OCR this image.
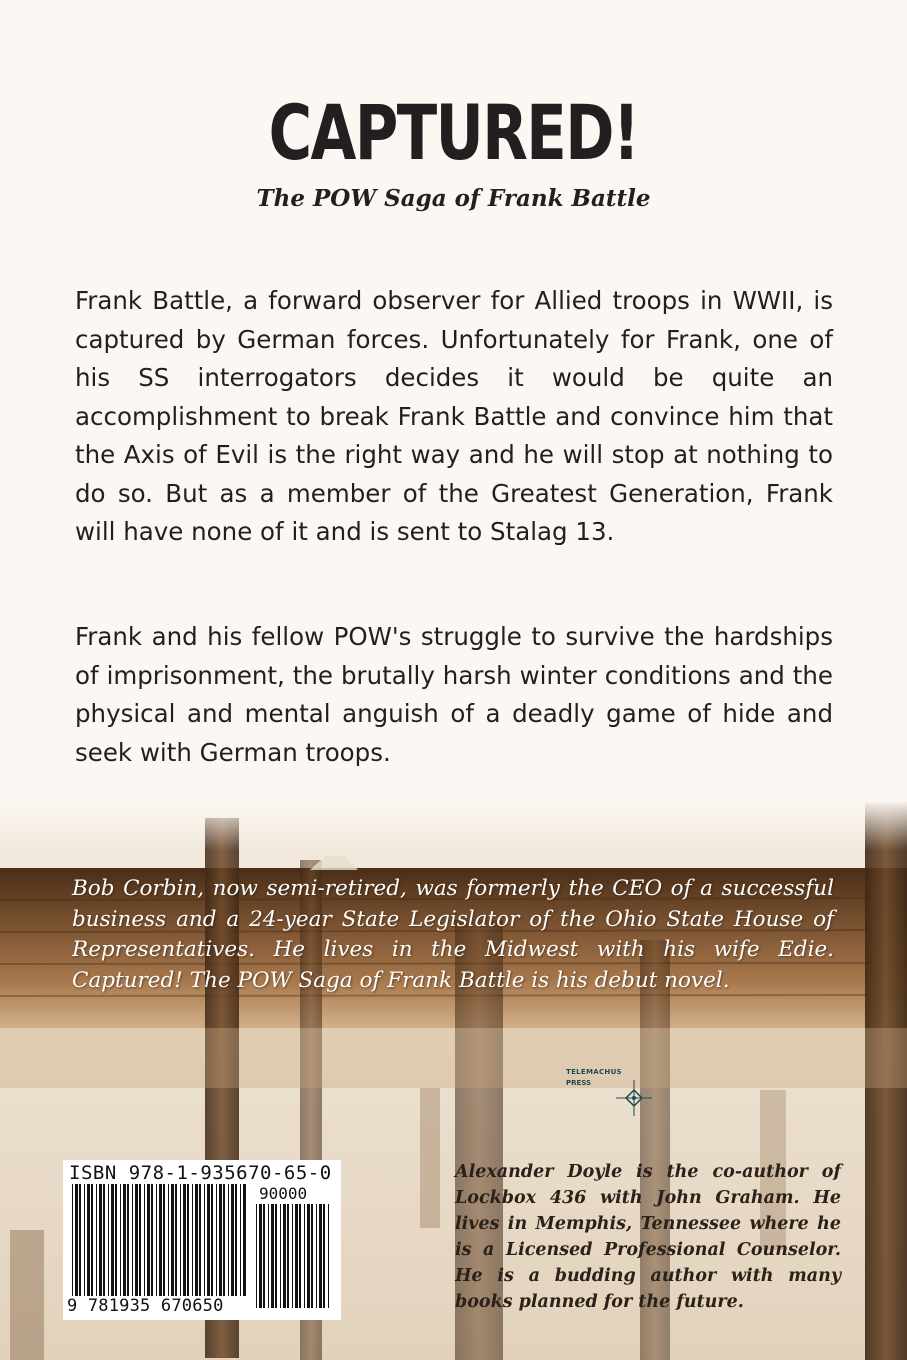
CAPTURED!
The POW Saga of Frank Battle

Frank Battle, a forward observer for Allied troops in WWII, is captured by German forces. Unfortunately for Frank, one of his SS interrogators decides it would be quite an accomplishment to break Frank Battle and convince him that the Axis of Evil is the right way and he will stop at nothing to do so. But as a member of the Greatest Generation, Frank will have none of it and is sent to Stalag 13.

Frank and his fellow POW's struggle to survive the hardships of imprisonment, the brutally harsh winter conditions and the physical and mental anguish of a deadly game of hide and seek with German troops.

Bob Corbin, now semi-retired, was formerly the CEO of a successful business and a 24-year State Legislator of the Ohio State House of Representatives. He lives in the Midwest with his wife Edie. Captured! The POW Saga of Frank Battle is his debut novel.

TELEMACHUS
PRESS
ISBN 978-1-935670-65-0
90000
9 781935 670650

Alexander Doyle is the co-author of Lockbox 436 with John Graham. He lives in Memphis, Tennessee where he is a Licensed Professional Counselor. He is a budding author with many books planned for the future.
